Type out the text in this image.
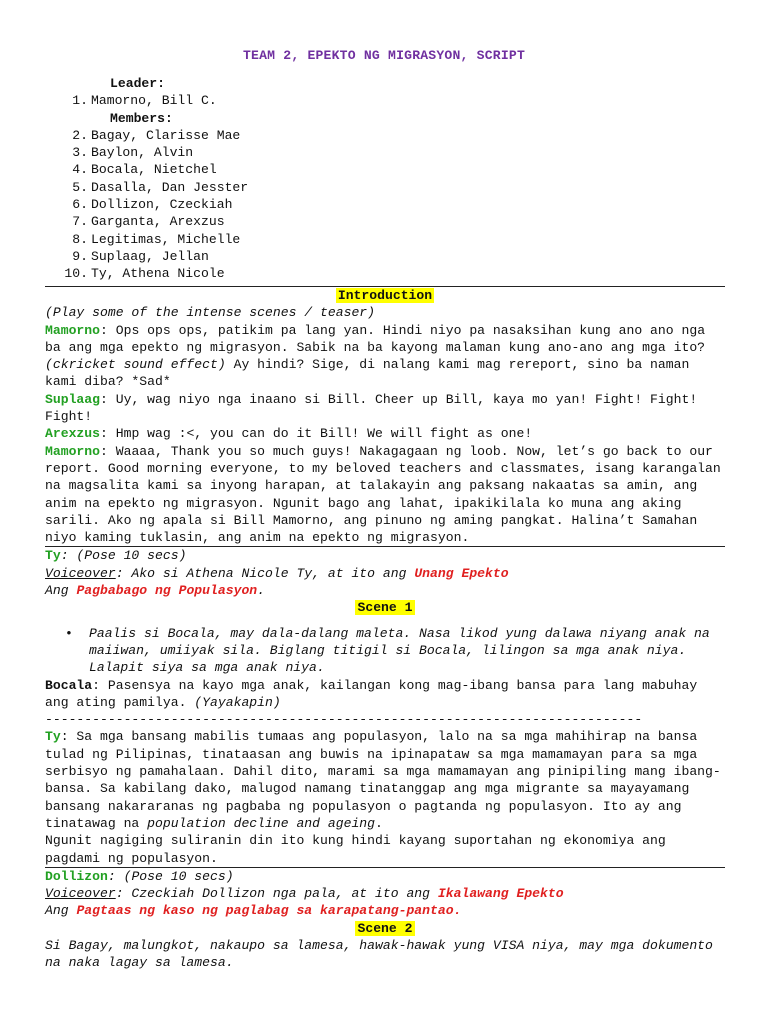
TEAM 2, EPEKTO NG MIGRASYON, SCRIPT
Leader:
1. Mamorno, Bill C.
Members:
2. Bagay, Clarisse Mae
3. Baylon, Alvin
4. Bocala, Nietchel
5. Dasalla, Dan Jesster
6. Dollizon, Czeckiah
7. Garganta, Arexzus
8. Legitimas, Michelle
9. Suplaag, Jellan
10. Ty, Athena Nicole
Introduction
(Play some of the intense scenes / teaser)
Mamorno: Ops ops ops, patikim pa lang yan. Hindi niyo pa nasaksihan kung ano ano nga ba ang mga epekto ng migrasyon. Sabik na ba kayong malaman kung ano-ano ang mga ito? (ckricket sound effect) Ay hindi? Sige, di nalang kami mag rereport, sino ba naman kami diba? *Sad*
Suplaag: Uy, wag niyo nga inaano si Bill. Cheer up Bill, kaya mo yan! Fight! Fight! Fight!
Arexzus: Hmp wag :<, you can do it Bill! We will fight as one!
Mamorno: Waaaa, Thank you so much guys! Nakagagaan ng loob. Now, let’s go back to our report. Good morning everyone, to my beloved teachers and classmates, isang karangalan na magsalita kami sa inyong harapan, at talakayin ang paksang nakaatas sa amin, ang anim na epekto ng migrasyon. Ngunit bago ang lahat, ipakikilala ko muna ang aking sarili. Ako ng apala si Bill Mamorno, ang pinuno ng aming pangkat. Halina’t Samahan niyo kaming tuklasin, ang anim na epekto ng migrasyon.
Ty: (Pose 10 secs)
Voiceover: Ako si Athena Nicole Ty, at ito ang Unang Epekto
Ang Pagbabago ng Populasyon.
Scene 1
•	Paalis si Bocala, may dala-dalang maleta. Nasa likod yung dalawa niyang anak na maiiwan, umiiyak sila. Biglang titigil si Bocala, lilingon sa mga anak niya. Lalapit siya sa mga anak niya.
Bocala: Pasensya na kayo mga anak, kailangan kong mag-ibang bansa para lang mabuhay ang ating pamilya. (Yayakapin)
----------------------------------------------------------------------------
Ty: Sa mga bansang mabilis tumaas ang populasyon, lalo na sa mga mahihirap na bansa tulad ng Pilipinas, tinataasan ang buwis na ipinapataw sa mga mamamayan para sa mga serbisyo ng pamahalaan. Dahil dito, marami sa mga mamamayan ang pinipiling mang ibang-bansa. Sa kabilang dako, malugod namang tinatanggap ang mga migrante sa mayayamang bansang nakararanas ng pagbaba ng populasyon o pagtanda ng populasyon. Ito ay ang tinatawag na population decline and ageing.
Ngunit nagiging suliranin din ito kung hindi kayang suportahan ng ekonomiya ang pagdami ng populasyon.
Dollizon: (Pose 10 secs)
Voiceover: Czeckiah Dollizon nga pala, at ito ang Ikalawang Epekto
Ang Pagtaas ng kaso ng paglabag sa karapatang-pantao.
Scene 2
Si Bagay, malungkot, nakaupo sa lamesa, hawak-hawak yung VISA niya, may mga dokumento na naka lagay sa lamesa.
